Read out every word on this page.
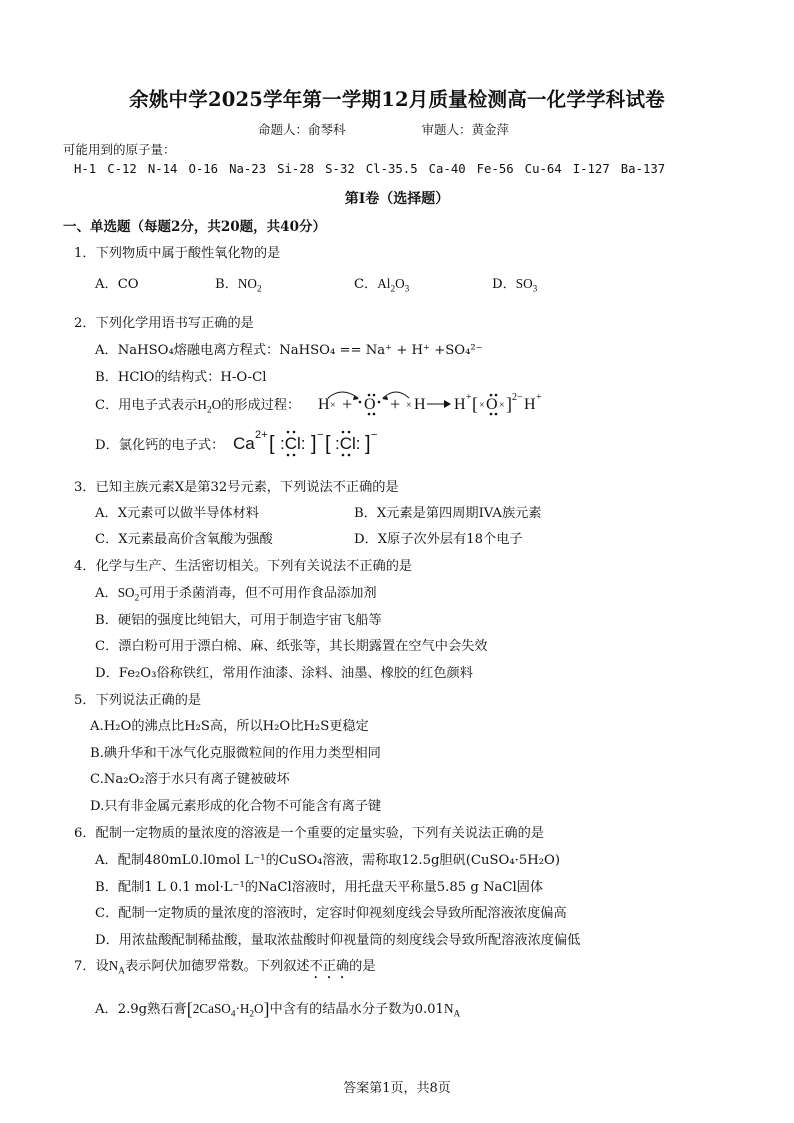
余姚中学2025学年第一学期12月质量检测高一化学学科试卷
命题人：俞琴科	审题人：黄金萍
可能用到的原子量：
H-1 C-12 N-14 O-16 Na-23 Si-28 S-32 Cl-35.5 Ca-40 Fe-56 Cu-64 I-127 Ba-137
第Ⅰ卷（选择题）
一、单选题（每题2分，共20题，共40分）
1．下列物质中属于酸性氧化物的是
A．CO	B．$NO_2$	C．$Al_2O_3$	D．$SO_3$
2．下列化学用语书写正确的是
A．NaHSO₄熔融电离方程式：NaHSO₄ == Na⁺ + H⁺ +SO₄²⁻
B．HClO的结构式：H-O-Cl
C．用电子式表示$H_2O$的形成过程： H × + O + × H H + [ × O × ] 2− H +
D．氯化钙的电子式： Ca 2+ [ :Cl: ] − [ :Cl: ] −
3．已知主族元素X是第32号元素，下列说法不正确的是
A．X元素可以做半导体材料	B．X元素是第四周期IVA族元素
C．X元素最高价含氧酸为强酸	D．X原子次外层有18个电子
4．化学与生产、生活密切相关。下列有关说法不正确的是
A．$SO_2$可用于杀菌消毒，但不可用作食品添加剂
B．硬铝的强度比纯铝大，可用于制造宇宙飞船等
C．漂白粉可用于漂白棉、麻、纸张等，其长期露置在空气中会失效
D．Fe₂O₃俗称铁红，常用作油漆、涂料、油墨、橡胶的红色颜料
5．下列说法正确的是
A.H₂O的沸点比H₂S高，所以H₂O比H₂S更稳定
B.碘升华和干冰气化克服微粒间的作用力类型相同
C.Na₂O₂溶于水只有离子键被破坏
D.只有非金属元素形成的化合物不可能含有离子键
6．配制一定物质的量浓度的溶液是一个重要的定量实验，下列有关说法正确的是
A．配制480mL0.l0mol L⁻¹的CuSO₄溶液，需称取12.5g胆矾(CuSO₄·5H₂O)
B．配制1 L 0.1 mol·L⁻¹的NaCl溶液时，用托盘天平称量5.85 g NaCl固体
C．配制一定物质的量浓度的溶液时，定容时仰视刻度线会导致所配溶液浓度偏高
D．用浓盐酸配制稀盐酸，量取浓盐酸时仰视量筒的刻度线会导致所配溶液浓度偏低
7．设$N_A$表示阿伏加德罗常数。下列叙述不正确的是
A．2.9g熟石膏$[2CaSO_4\cdot H_2O]$中含有的结晶水分子数为$0.01N_A$
答案第1页，共8页
